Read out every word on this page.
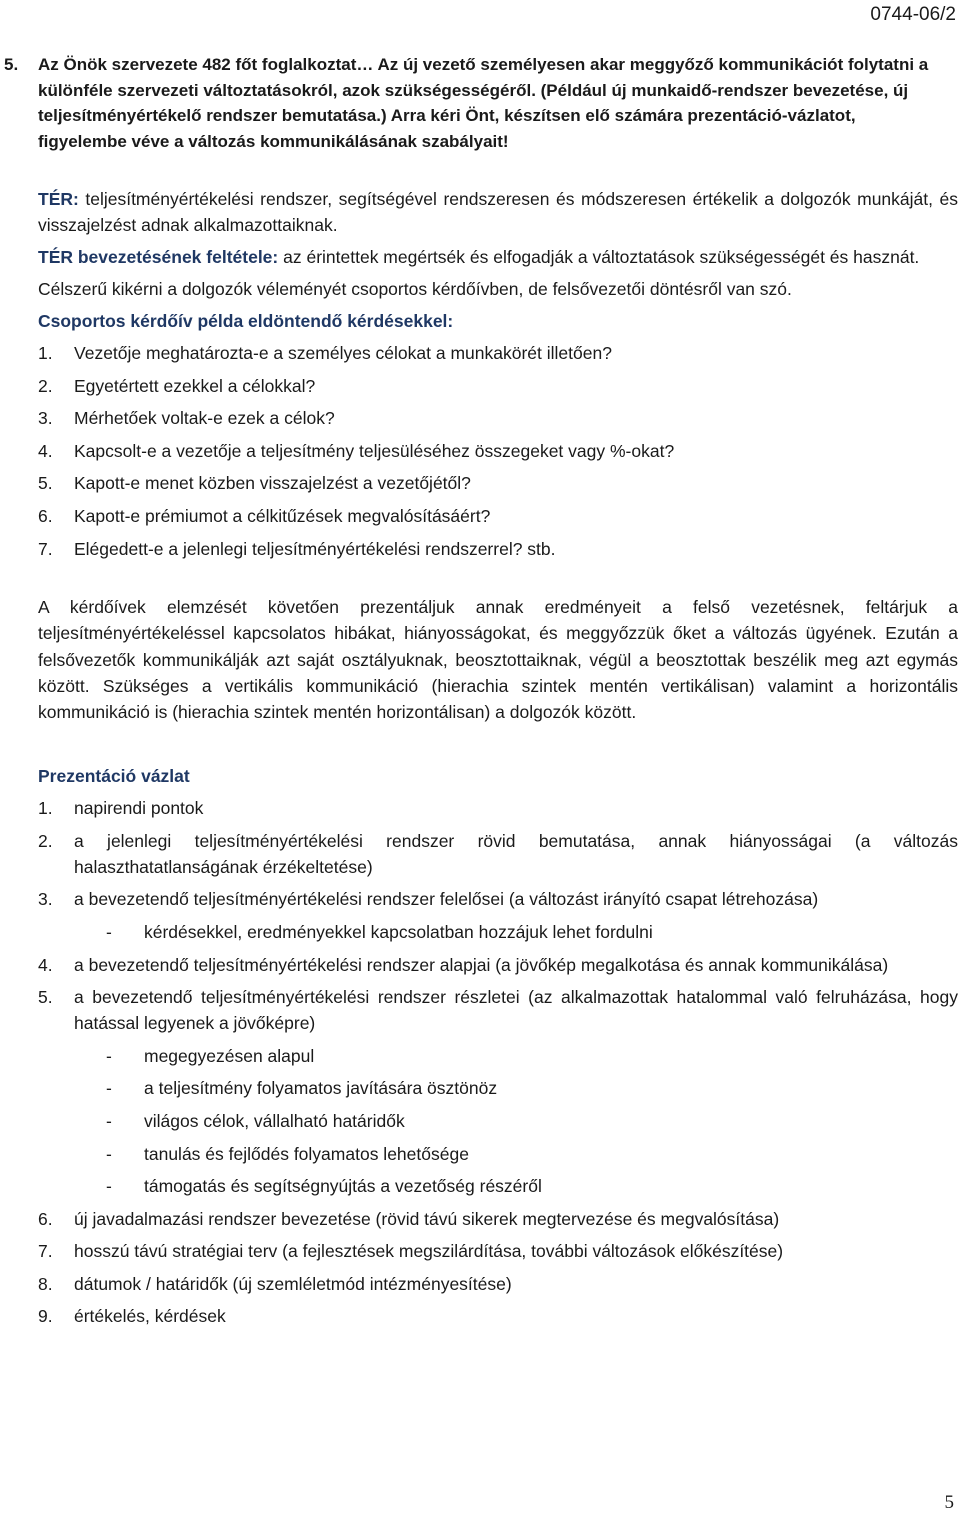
0744-06/2
5. Az Önök szervezete 482 főt foglalkoztat… Az új vezető személyesen akar meggyőző kommunikációt folytatni a különféle szervezeti változtatásokról, azok szükségességéről. (Például új munkaidő-rendszer bevezetése, új teljesítményértékelő rendszer bemutatása.) Arra kéri Önt, készítsen elő számára prezentáció-vázlatot, figyelembe véve a változás kommunikálásának szabályait!

TÉR: teljesítményértékelési rendszer, segítségével rendszeresen és módszeresen értékelik a dolgozók munkáját, és visszajelzést adnak alkalmazottaiknak.

TÉR bevezetésének feltétele: az érintettek megértsék és elfogadják a változtatások szükségességét és hasznát.

Célszerű kikérni a dolgozók véleményét csoportos kérdőívben, de felsővezetői döntésről van szó.

Csoportos kérdőív példa eldöntendő kérdésekkel:

1.	Vezetője meghatározta-e a személyes célokat a munkakörét illetően?
2.	Egyetértett ezekkel a célokkal?
3.	Mérhetőek voltak-e ezek a célok?
4.	Kapcsolt-e a vezetője a teljesítmény teljesüléséhez összegeket vagy %-okat?
5.	Kapott-e menet közben visszajelzést a vezetőjétől?
6.	Kapott-e prémiumot a célkitűzések megvalósításáért?
7.	Elégedett-e a jelenlegi teljesítményértékelési rendszerrel? stb.

A kérdőívek elemzését követően prezentáljuk annak eredményeit a felső vezetésnek, feltárjuk a teljesítményértékeléssel kapcsolatos hibákat, hiányosságokat, és meggyőzzük őket a változás ügyének. Ezután a felsővezetők kommunikálják azt saját osztályuknak, beosztottaiknak, végül a beosztottak beszélik meg azt egymás között. Szükséges a vertikális kommunikáció (hierachia szintek mentén vertikálisan) valamint a horizontális kommunikáció is (hierachia szintek mentén horizontálisan) a dolgozók között.

Prezentáció vázlat

1.	napirendi pontok
2.	a jelenlegi teljesítményértékelési rendszer rövid bemutatása, annak hiányosságai (a változás halaszthatatlanságának érzékeltetése)
3.	a bevezetendő teljesítményértékelési rendszer felelősei (a változást irányító csapat létrehozása)
-	kérdésekkel, eredményekkel kapcsolatban hozzájuk lehet fordulni
4.	a bevezetendő teljesítményértékelési rendszer alapjai (a jövőkép megalkotása és annak kommunikálása)
5.	a bevezetendő teljesítményértékelési rendszer részletei (az alkalmazottak hatalommal való felruházása, hogy hatással legyenek a jövőképre)
-	megegyezésen alapul
-	a teljesítmény folyamatos javítására ösztönöz
-	világos célok, vállalható határidők
-	tanulás és fejlődés folyamatos lehetősége
-	támogatás és segítségnyújtás a vezetőség részéről
6.	új javadalmazási rendszer bevezetése (rövid távú sikerek megtervezése és megvalósítása)
7.	hosszú távú stratégiai terv (a fejlesztések megszilárdítása, további változások előkészítése)
8.	dátumok / határidők (új szemléletmód intézményesítése)
9.	értékelés, kérdések
5
